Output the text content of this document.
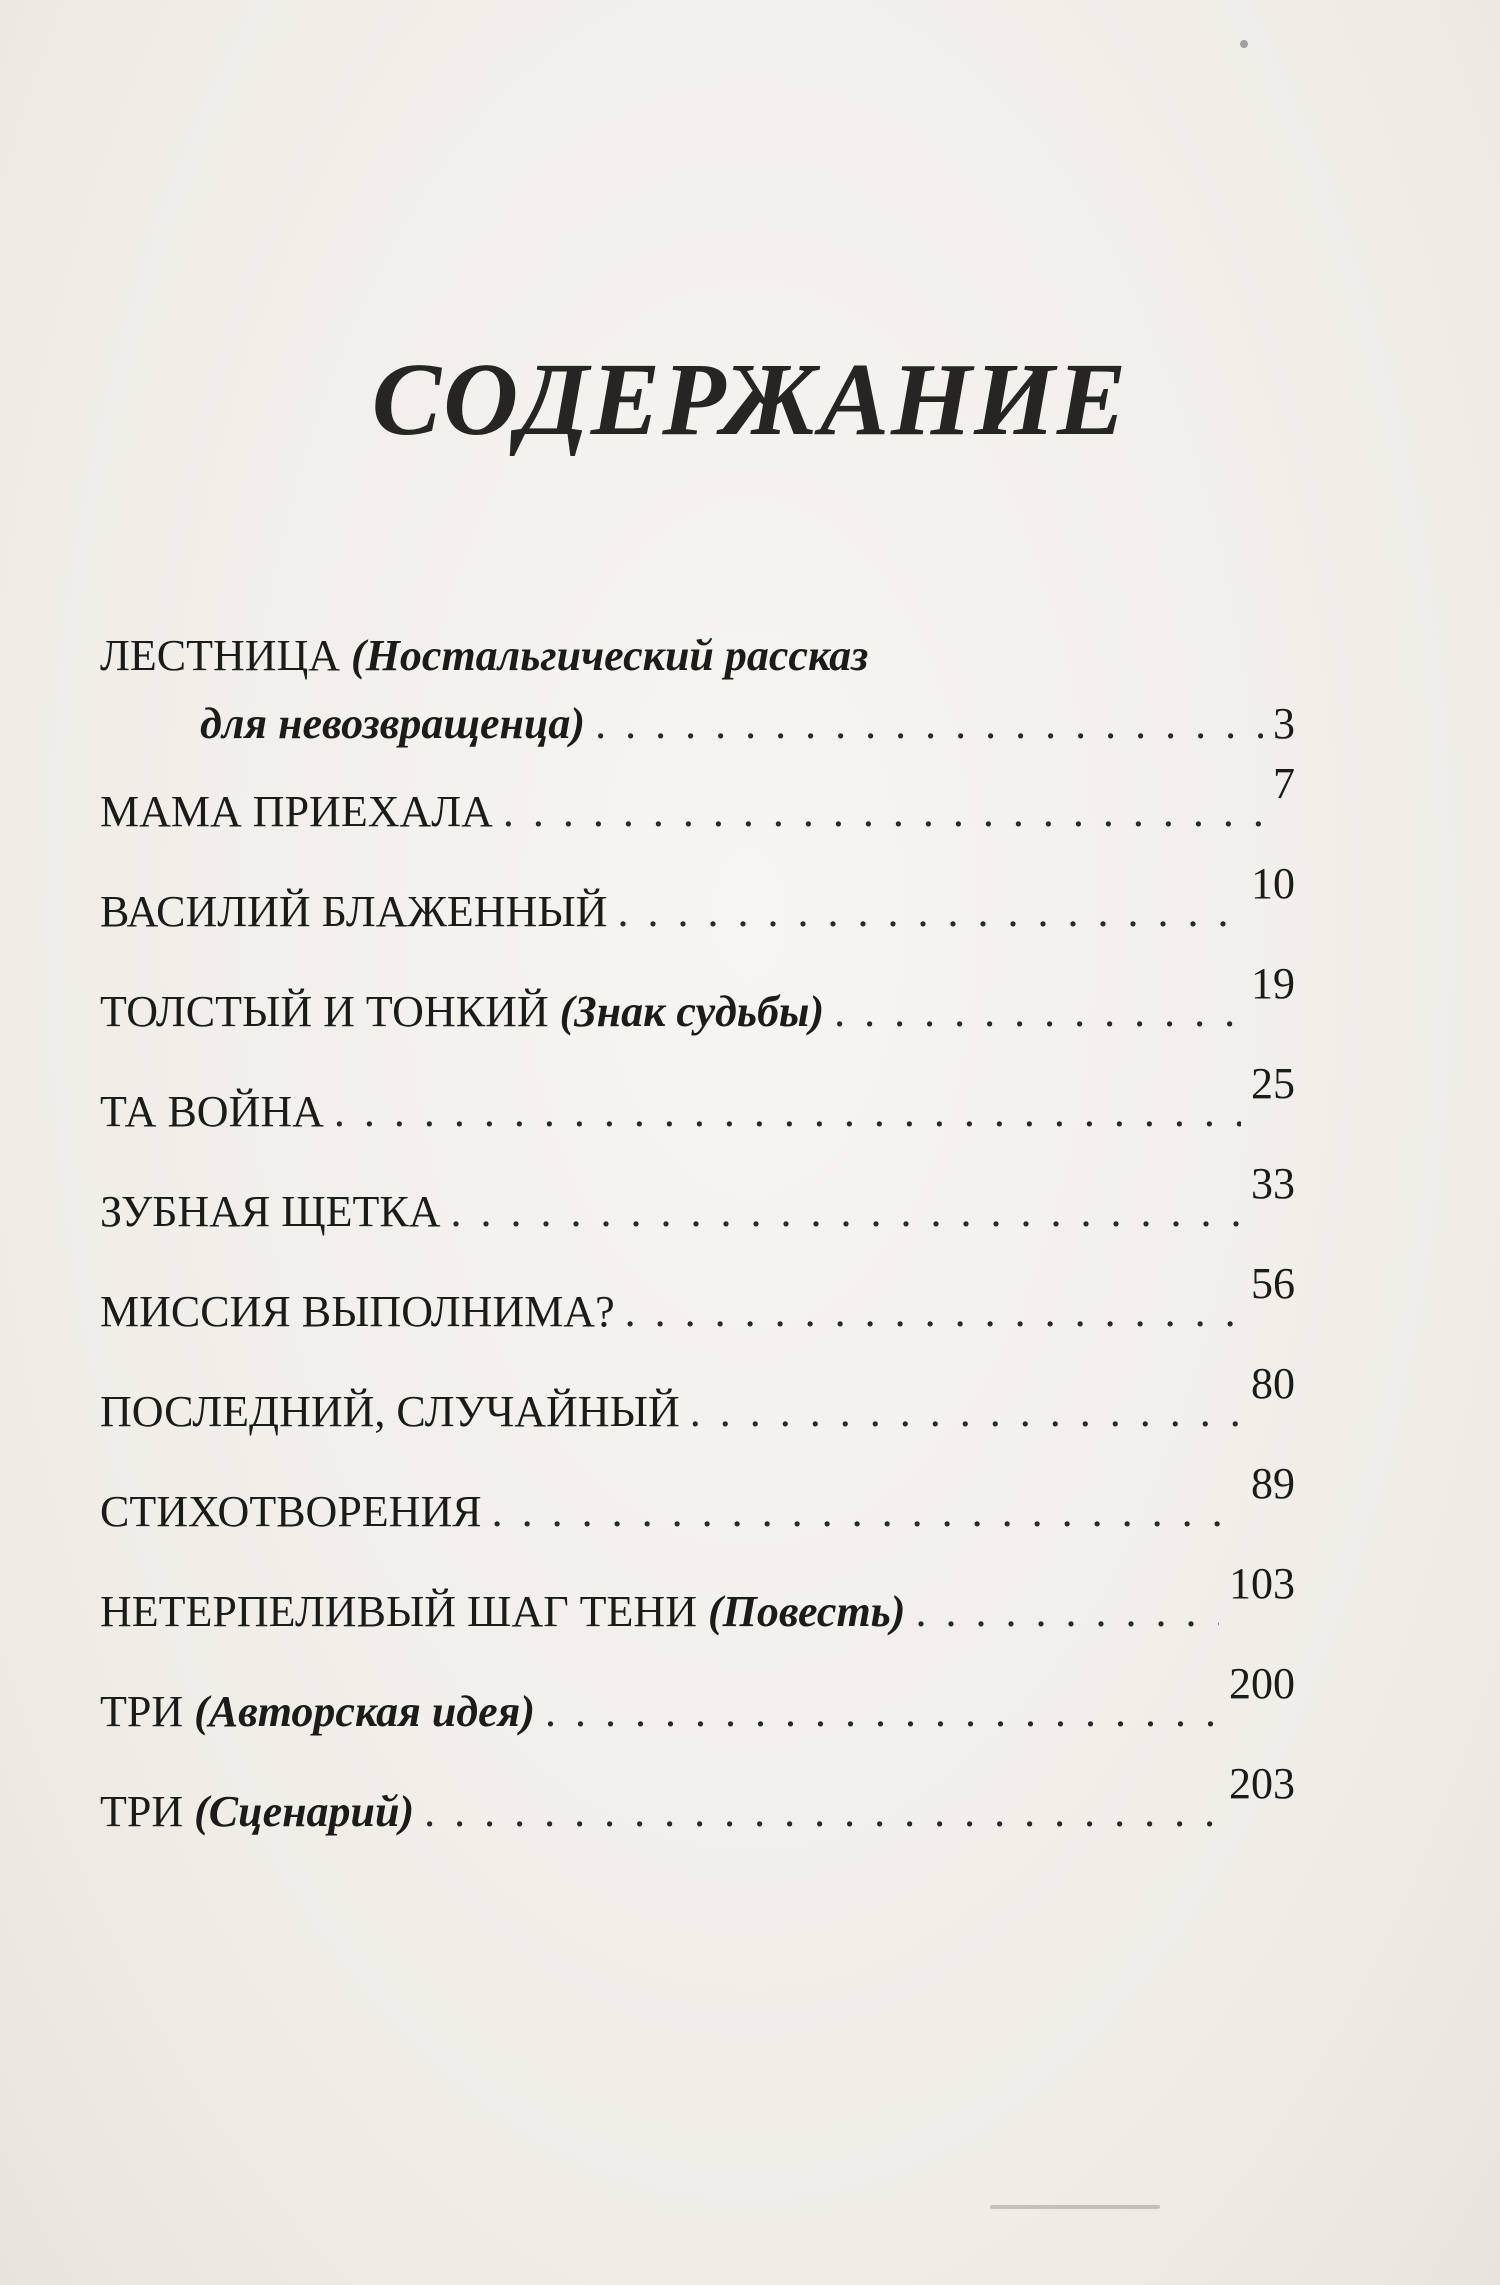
СОДЕРЖАНИЕ
ЛЕСТНИЦА (Ностальгический рассказ
для невозвращенца)
. . .	3
МАМА ПРИЕХАЛА
. . .
7
ВАСИЛИЙ БЛАЖЕННЫЙ
. . .
10
ТОЛСТЫЙ И ТОНКИЙ (Знак судьбы)
. . .
19
ТА ВОЙНА
. . .
25
ЗУБНАЯ ЩЕТКА
. . .
33
МИССИЯ ВЫПОЛНИМА?
. . .
56
ПОСЛЕДНИЙ, СЛУЧАЙНЫЙ
. . .
80
СТИХОТВОРЕНИЯ
. . .
89
НЕТЕРПЕЛИВЫЙ ШАГ ТЕНИ (Повесть)
. . .
103
ТРИ (Авторская идея)
. . .
200
ТРИ (Сценарий)
. . .
203
